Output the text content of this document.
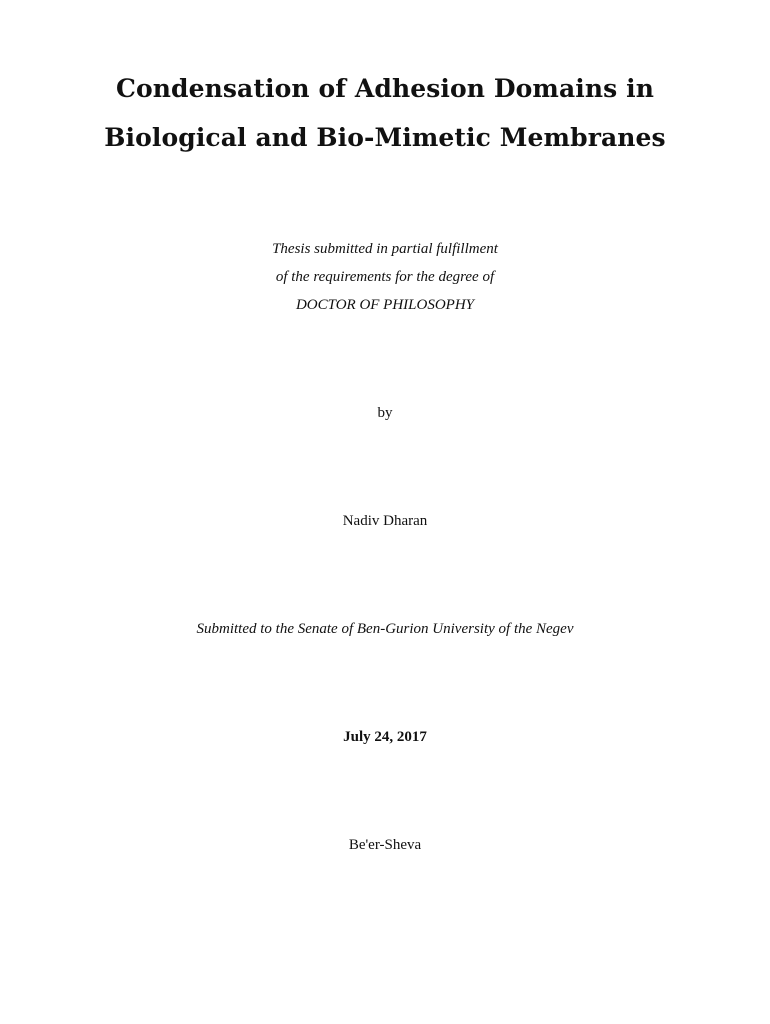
Condensation of Adhesion Domains in
Biological and Bio-Mimetic Membranes
Thesis submitted in partial fulfillment
of the requirements for the degree of
DOCTOR OF PHILOSOPHY
by
Nadiv Dharan
Submitted to the Senate of Ben-Gurion University of the Negev
July 24, 2017
Be'er-Sheva
